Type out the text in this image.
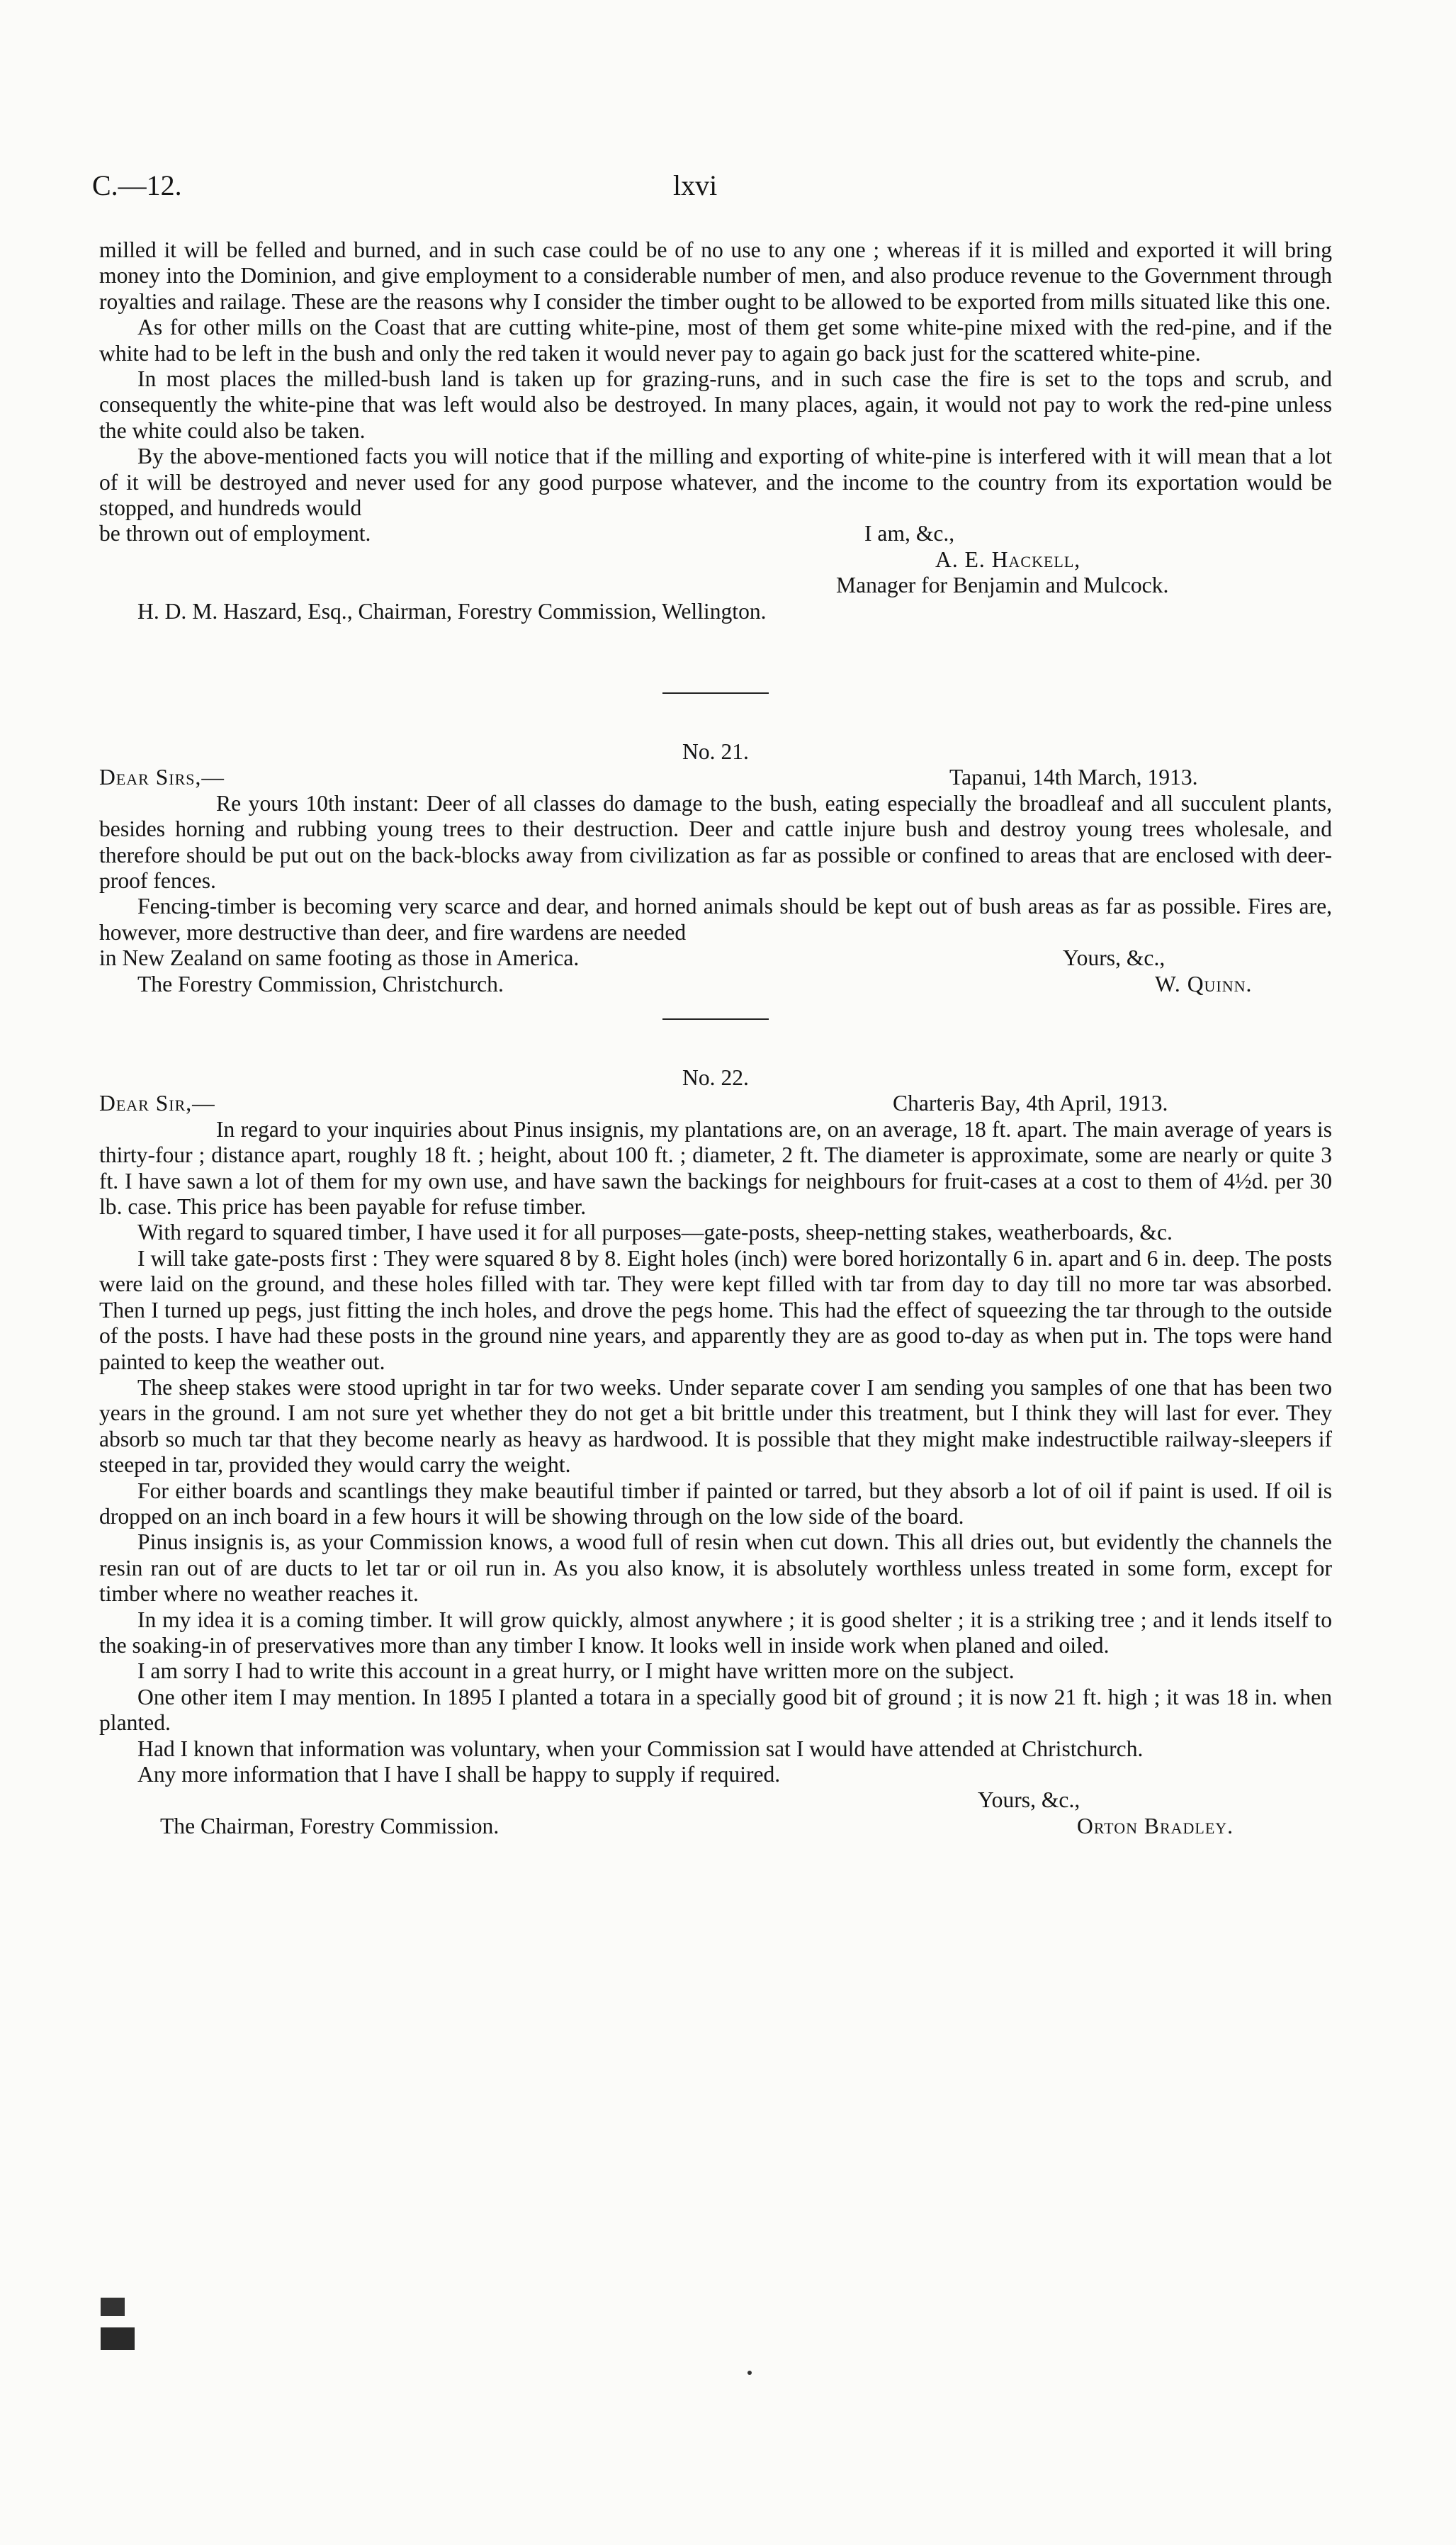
C.—12.	lxvi

milled it will be felled and burned, and in such case could be of no use to any one ; whereas if it is milled and exported it will bring money into the Dominion, and give employment to a considerable number of men, and also produce revenue to the Government through royalties and railage. These are the reasons why I consider the timber ought to be allowed to be exported from mills situated like this one.

As for other mills on the Coast that are cutting white-pine, most of them get some white-pine mixed with the red-pine, and if the white had to be left in the bush and only the red taken it would never pay to again go back just for the scattered white-pine.

In most places the milled-bush land is taken up for grazing-runs, and in such case the fire is set to the tops and scrub, and consequently the white-pine that was left would also be destroyed. In many places, again, it would not pay to work the red-pine unless the white could also be taken.

By the above-mentioned facts you will notice that if the milling and exporting of white-pine is interfered with it will mean that a lot of it will be destroyed and never used for any good purpose whatever, and the income to the country from its exportation would be stopped, and hundreds would

be thrown out of employment.	I am, &c.,
A. E. Hackell,
Manager for Benjamin and Mulcock.
H. D. M. Haszard, Esq., Chairman, Forestry Commission, Wellington.
No. 21.
Dear Sirs,—	Tapanui, 14th March, 1913.

Re yours 10th instant: Deer of all classes do damage to the bush, eating especially the broadleaf and all succulent plants, besides horning and rubbing young trees to their destruction. Deer and cattle injure bush and destroy young trees wholesale, and therefore should be put out on the back-blocks away from civilization as far as possible or confined to areas that are enclosed with deer-proof fences.

Fencing-timber is becoming very scarce and dear, and horned animals should be kept out of bush areas as far as possible. Fires are, however, more destructive than deer, and fire wardens are needed

in New Zealand on same footing as those in America.	Yours, &c.,
The Forestry Commission, Christchurch.	W. Quinn.
No. 22.
Dear Sir,—	Charteris Bay, 4th April, 1913.

In regard to your inquiries about Pinus insignis, my plantations are, on an average, 18 ft. apart. The main average of years is thirty-four ; distance apart, roughly 18 ft. ; height, about 100 ft. ; diameter, 2 ft. The diameter is approximate, some are nearly or quite 3 ft. I have sawn a lot of them for my own use, and have sawn the backings for neighbours for fruit-cases at a cost to them of 4½d. per 30 lb. case. This price has been payable for refuse timber.

With regard to squared timber, I have used it for all purposes—gate-posts, sheep-netting stakes, weatherboards, &c.

I will take gate-posts first : They were squared 8 by 8. Eight holes (inch) were bored horizontally 6 in. apart and 6 in. deep. The posts were laid on the ground, and these holes filled with tar. They were kept filled with tar from day to day till no more tar was absorbed. Then I turned up pegs, just fitting the inch holes, and drove the pegs home. This had the effect of squeezing the tar through to the outside of the posts. I have had these posts in the ground nine years, and apparently they are as good to-day as when put in. The tops were hand painted to keep the weather out.

The sheep stakes were stood upright in tar for two weeks. Under separate cover I am sending you samples of one that has been two years in the ground. I am not sure yet whether they do not get a bit brittle under this treatment, but I think they will last for ever. They absorb so much tar that they become nearly as heavy as hardwood. It is possible that they might make indestructible railway-sleepers if steeped in tar, provided they would carry the weight.

For either boards and scantlings they make beautiful timber if painted or tarred, but they absorb a lot of oil if paint is used. If oil is dropped on an inch board in a few hours it will be showing through on the low side of the board.

Pinus insignis is, as your Commission knows, a wood full of resin when cut down. This all dries out, but evidently the channels the resin ran out of are ducts to let tar or oil run in. As you also know, it is absolutely worthless unless treated in some form, except for timber where no weather reaches it.

In my idea it is a coming timber. It will grow quickly, almost anywhere ; it is good shelter ; it is a striking tree ; and it lends itself to the soaking-in of preservatives more than any timber I know. It looks well in inside work when planed and oiled.

I am sorry I had to write this account in a great hurry, or I might have written more on the subject.

One other item I may mention. In 1895 I planted a totara in a specially good bit of ground ; it is now 21 ft. high ; it was 18 in. when planted.

Had I known that information was voluntary, when your Commission sat I would have attended at Christchurch.

Any more information that I have I shall be happy to supply if required.

Yours, &c.,
The Chairman, Forestry Commission.	Orton Bradley.
